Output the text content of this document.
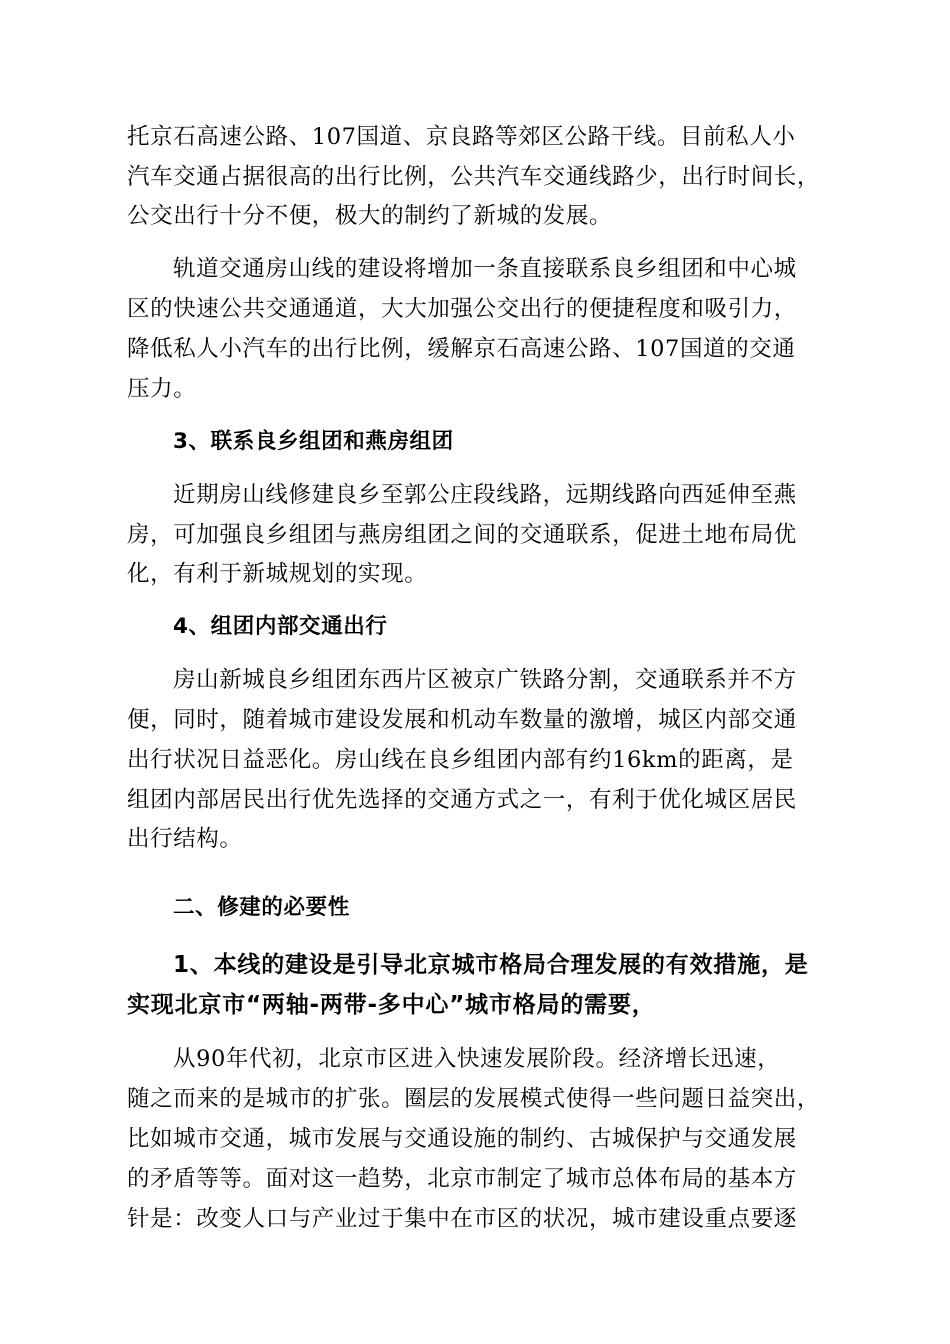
托京石高速公路、107国道、京良路等郊区公路干线。目前私人小
汽车交通占据很高的出行比例，公共汽车交通线路少，出行时间长，
公交出行十分不便，极大的制约了新城的发展。
轨道交通房山线的建设将增加一条直接联系良乡组团和中心城
区的快速公共交通通道，大大加强公交出行的便捷程度和吸引力，
降低私人小汽车的出行比例，缓解京石高速公路、107国道的交通
压力。
3、联系良乡组团和燕房组团
近期房山线修建良乡至郭公庄段线路，远期线路向西延伸至燕
房，可加强良乡组团与燕房组团之间的交通联系，促进土地布局优
化，有利于新城规划的实现。
4、组团内部交通出行
房山新城良乡组团东西片区被京广铁路分割，交通联系并不方
便，同时，随着城市建设发展和机动车数量的激增，城区内部交通
出行状况日益恶化。房山线在良乡组团内部有约16km的距离，是
组团内部居民出行优先选择的交通方式之一，有利于优化城区居民
出行结构。
二、修建的必要性
1、本线的建设是引导北京城市格局合理发展的有效措施，是
实现北京市“两轴-两带-多中心”城市格局的需要，
从90年代初，北京市区进入快速发展阶段。经济增长迅速，
随之而来的是城市的扩张。圈层的发展模式使得一些问题日益突出，
比如城市交通，城市发展与交通设施的制约、古城保护与交通发展
的矛盾等等。面对这一趋势，北京市制定了城市总体布局的基本方
针是：改变人口与产业过于集中在市区的状况，城市建设重点要逐
